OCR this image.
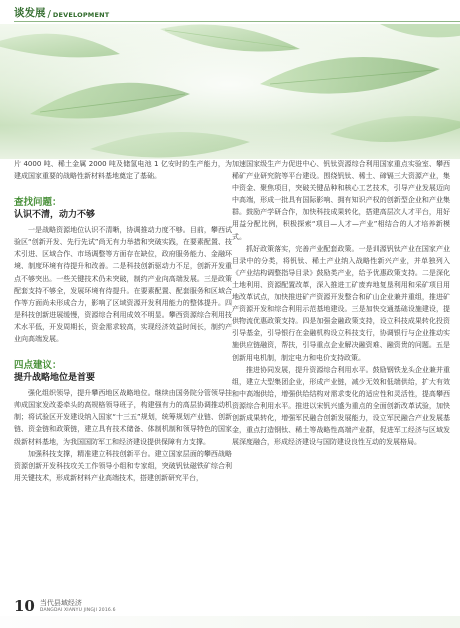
谈发展 / DEVELOPMENT

片 4000 吨、稀土金属 2000 吨及储氢电池 1 亿安时的生产能力，为建成国家重要的战略性新材料基地奠定了基础。

查找问题：
认识不清，动力不够

一是战略资源地位认识不清晰，协调推动力度不够。目前，攀西试验区“创新开发、先行先试”尚无有力举措和突破实践，在要素配置、技术引进、区域合作、市场调整等方面存在缺位，政府服务能力、金融环境、制度环境有待提升和改善。二是科技创新驱动力不足，创新开发重点不够突出。一些关键技术仍未突破，制约产业向高端发展。三是政策配套支持不够全，发展环境有待提升。在要素配置、配套服务和区域合作等方面尚未形成合力，影响了区域资源开发利用能力的整体提升。四是科技创新进展缓慢，资源综合利用成效不明显。攀西资源综合利用技术水平低，开发周期长，资金需求较高，实现经济效益时间长，制约产业向高端发展。

四点建议：
提升战略地位是首要

强化组织领导，提升攀西地区战略地位。继续由国务院分管领导挂帅成国家发改委牵头的高规格领导班子，构建强有力的高层协调推动机制；将试验区开发建设纳入国家“十三五”规划，统筹规划产业链、创新链、资金链和政策链，建立具有技术储备、体制机制和领导特色的国家级新材料基地，为我国国防军工和经济建设提供保障有力支撑。

加强科技支撑，精准建立科技创新平台。建立国家层面的攀西战略资源创新开发科技攻关工作领导小组和专家组，突破钒钛磁铁矿综合利用关键技术，形成新材料产业高端技术，搭建创新研究平台，

加速国家级生产力促进中心、钒钛资源综合利用国家重点实验室、攀西稀矿产业研究院等平台建设。围绕钒钛、稀土、碲镉三大资源产业，集中资金、聚焦项目，突破关键品种和核心工艺技术，引导产业发展迈向中高端，形成一批具有国际影响、拥有知识产权的创新型企业和产业集群。鼓励产学研合作，加快科技成果转化，搭建高层次人才平台，用好用益分配比例，积极探索“项目—人才—产业”相结合的人才培养新模式。

抓好政策落实，完善产业配套政策。一是训源钒钛产业在国家产业目录中的分类，将钒钛、稀土产业纳入战略性新兴产业，并单独列入《产业结构调整指导目录》鼓励类产业，给予优惠政策支持。二是深化土地利用、资源配置改革，深入推进工矿废弃地复垦利用和采矿项目用地改革试点，加快推进矿产资源开发整合和矿山企业兼并重组，推进矿产资源开发和综合利用示范基地建设。三是加快交通基础设施建设，提供物流优惠政策支持。四是加强金融政策支持，设立科技成果转化投资引导基金，引导银行在金融机构设立科技支行，协调银行与企业推动实施供应链融资，帮扶，引导重点企业解决融资难、融资贵的问题。五是创新用电机制，制定电力和电价支持政策。

推进协同发展，提升资源综合利用水平。鼓励钢铁龙头企业兼并重组，建立大型集团企业，形成产业链，减少无效和低端供给，扩大有效和中高端供给，增强供给结构对需求变化的适应性和灵活性，提高攀西资源综合利用水平。推进以宋钒兴盛为重点的全面创新改革试验，加快创新成果转化，增强军民融合创新发展能力，设立军民融合产业发展基金，重点打造钢钛、稀土等战略性高端产业群，促进军工经济与区域发展深度融合，形成经济建设与国防建设良性互动的发展格局。

10 当代县域经济
DANGDAI XIANYU JINGJI 2016.6
